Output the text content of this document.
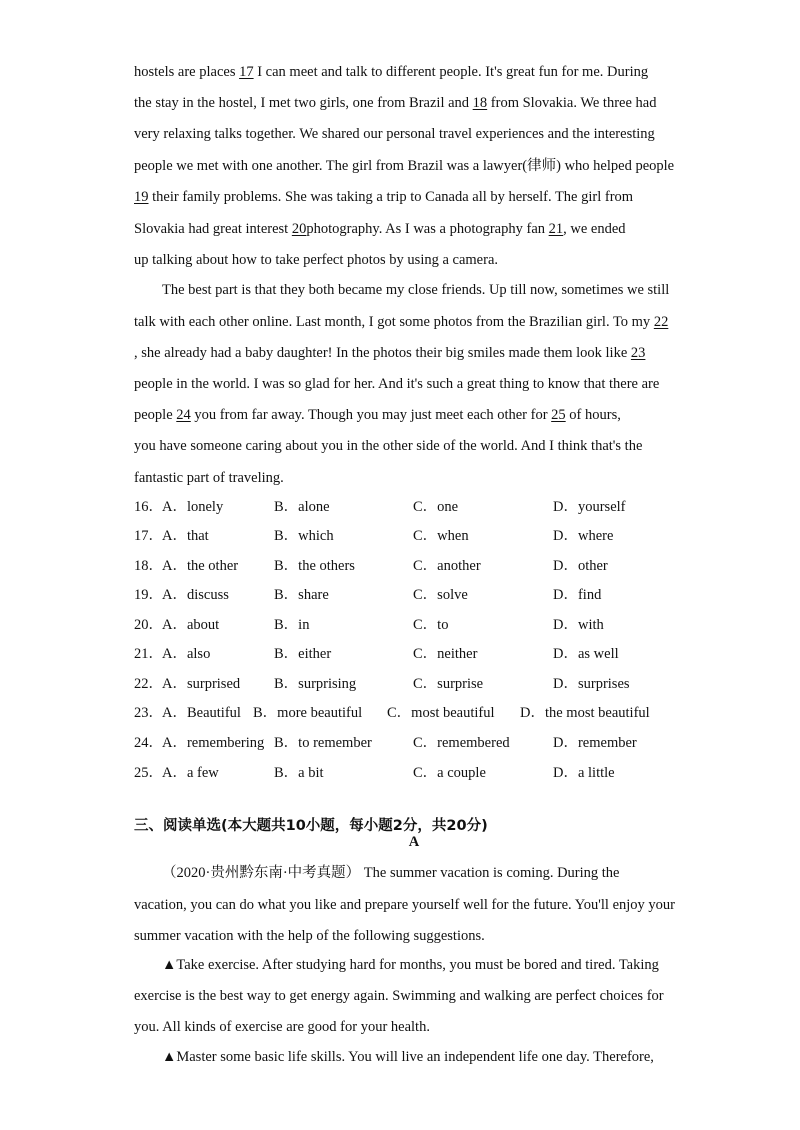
hostels are places 17 I can meet and talk to different people. It's great fun for me. During
the stay in the hostel, I met two girls, one from Brazil and 18 from Slovakia. We three had
very relaxing talks together. We shared our personal travel experiences and the interesting
people we met with one another. The girl from Brazil was a lawyer(律师) who helped people
19 their family problems. She was taking a trip to Canada all by herself. The girl from
Slovakia had great interest 20photography. As I was a photography fan 21, we ended
up talking about how to take perfect photos by using a camera.
The best part is that they both became my close friends. Up till now, sometimes we still
talk with each other online. Last month, I got some photos from the Brazilian girl. To my 22
, she already had a baby daughter! In the photos their big smiles made them look like 23
people in the world. I was so glad for her. And it's such a great thing to know that there are
people 24 you from far away. Though you may just meet each other for 25 of hours,
you have someone caring about you in the other side of the world. And I think that's the
fantastic part of traveling.
16． A．lonely	B．alone	C．one	D．yourself
17． A．that	B．which	C．when	D．where
18． A．the other B．the others	C．another	D．other
19． A．discuss	B．share	C．solve	D．find
20． A．about	B．in	C．to	D．with
21． A．also	B．either	C．neither	D．as well
22． A．surprised B．surprising	C．surprise	D．surprises
23． A．Beautiful B．more beautiful C．most beautiful D．the most beautiful
24． A．remembering B．to remember	C．remembered	D．remember
25． A．a few	B．a bit	C．a couple	D．a little
三、阅读单选(本大题共10小题，每小题2分，共20分)
A
（2020·贵州黔东南·中考真题） The summer vacation is coming. During the
vacation, you can do what you like and prepare yourself well for the future. You'll enjoy your
summer vacation with the help of the following suggestions.
▲Take exercise. After studying hard for months, you must be bored and tired. Taking
exercise is the best way to get energy again. Swimming and walking are perfect choices for
you. All kinds of exercise are good for your health.
▲Master some basic life skills. You will live an independent life one day. Therefore,
